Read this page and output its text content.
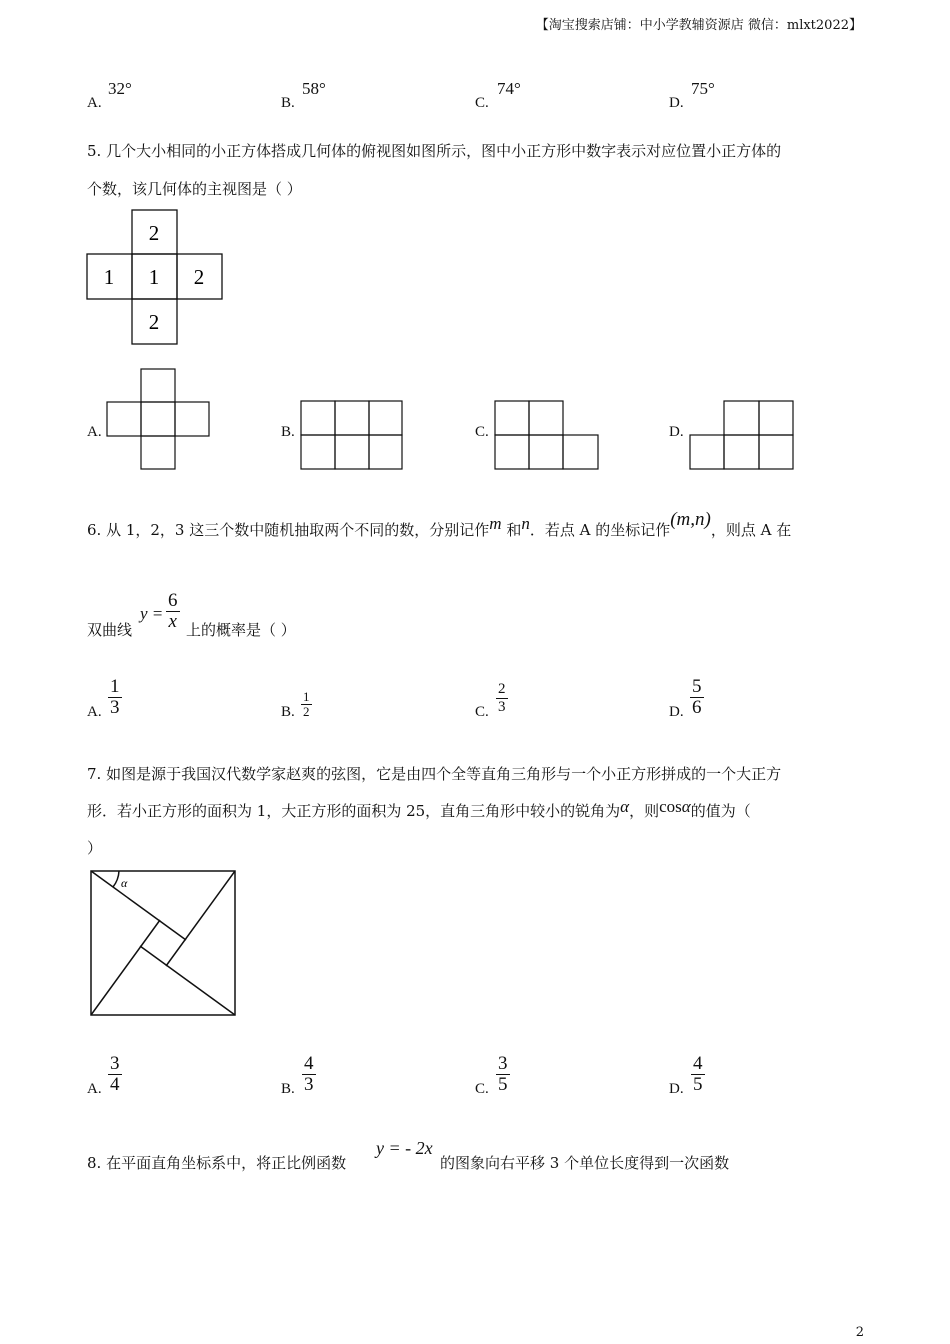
【淘宝搜索店铺：中小学教辅资源店 微信：mlxt2022】
A.
32°
B.
58°
C.
74°
D.
75°
5. 几个大小相同的小正方体搭成几何体的俯视图如图所示，图中小正方形中数字表示对应位置小正方体的
个数，该几何体的主视图是（ ）
2
1 1 2
2
A.	B.	C.	D.
6. 从 1，2，3 这三个数中随机抽取两个不同的数，分别记作m 和n．若点 A 的坐标记作(m,n)，则点 A 在
双曲线
$y = \frac{6}{x}$ 上的概率是（ ）
A. $\frac{1}{3}$	B. $\frac{1}{2}$	C. $\frac{2}{3}$	D. $\frac{5}{6}$
7. 如图是源于我国汉代数学家赵爽的弦图，它是由四个全等直角三角形与一个小正方形拼成的一个大正方
形．若小正方形的面积为 1，大正方形的面积为 25，直角三角形中较小的锐角为α，则cosα的值为（
）
α
A. $\frac{3}{4}$	B. $\frac{4}{3}$	C. $\frac{3}{5}$	D. $\frac{4}{5}$
8. 在平面直角坐标系中，将正比例函数
y = - 2x
的图象向右平移 3 个单位长度得到一次函数
2
